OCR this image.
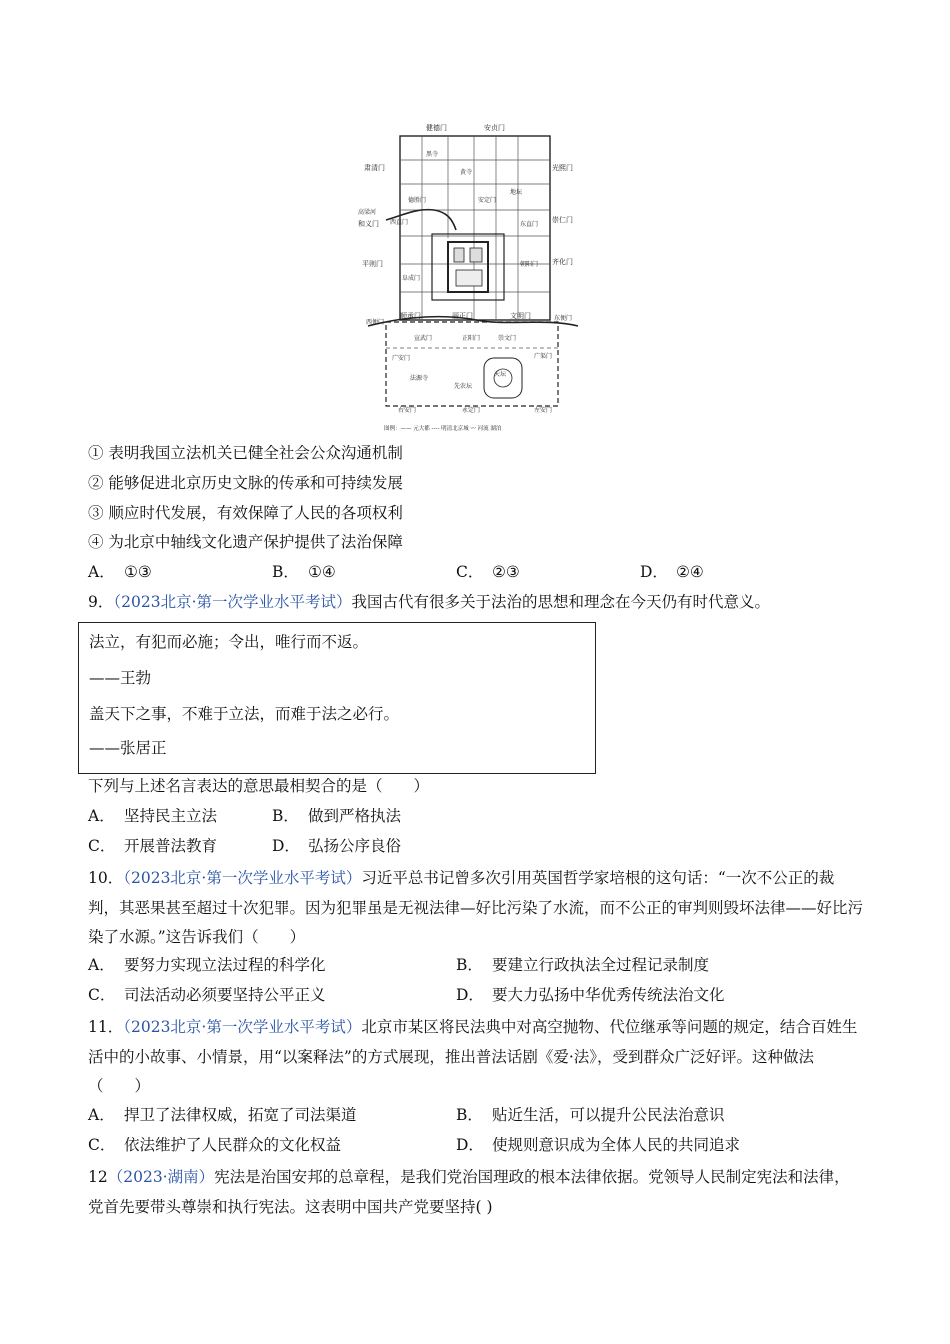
健德门	安贞门
肃清门	光熙门
高梁河
和义门 西直门
德胜门
崇仁门
平则门	齐化门
顺承门	丽正门	文明门
西便门
东便门
宣武门	正阳门	崇文门
广安门	广渠门
右安门	永定门	左安门
黑寺
黄寺
安定门
地坛
东直门
朝阳门
阜成门
天坛
先农坛
法源寺
图例：—— 元大都 ---- 明清北京城 〰 河流 湖泊
① 表明我国立法机关已健全社会公众沟通机制
② 能够促进北京历史文脉的传承和可持续发展
③ 顺应时代发展，有效保障了人民的各项权利
④ 为北京中轴线文化遗产保护提供了法治保障
A． ①③	B． ①④	C． ②③	D． ②④
9．（2023北京·第一次学业水平考试）我国古代有很多关于法治的思想和理念在今天仍有时代意义。
法立，有犯而必施；令出，唯行而不返。
——王勃
盖天下之事，不难于立法，而难于法之必行。
——张居正
下列与上述名言表达的意思最相契合的是（　　）
A． 坚持民主立法	B． 做到严格执法
C． 开展普法教育	D． 弘扬公序良俗
10．（2023北京·第一次学业水平考试）习近平总书记曾多次引用英国哲学家培根的这句话：“一次不公正的裁判，其恶果甚至超过十次犯罪。因为犯罪虽是无视法律—好比污染了水流，而不公正的审判则毁坏法律——好比污染了水源。”这告诉我们（　　）
A． 要努力实现立法过程的科学化	B． 要建立行政执法全过程记录制度
C． 司法活动必须要坚持公平正义	D． 要大力弘扬中华优秀传统法治文化
11．（2023北京·第一次学业水平考试）北京市某区将民法典中对高空抛物、代位继承等问题的规定，结合百姓生活中的小故事、小情景，用“以案释法”的方式展现，推出普法话剧《爱·法》，受到群众广泛好评。这种做法（　　）
A． 捍卫了法律权威，拓宽了司法渠道	B． 贴近生活，可以提升公民法治意识
C． 依法维护了人民群众的文化权益	D． 使规则意识成为全体人民的共同追求
12（2023·湖南）宪法是治国安邦的总章程，是我们党治国理政的根本法律依据。党领导人民制定宪法和法律，党首先要带头尊崇和执行宪法。这表明中国共产党要坚持( )
